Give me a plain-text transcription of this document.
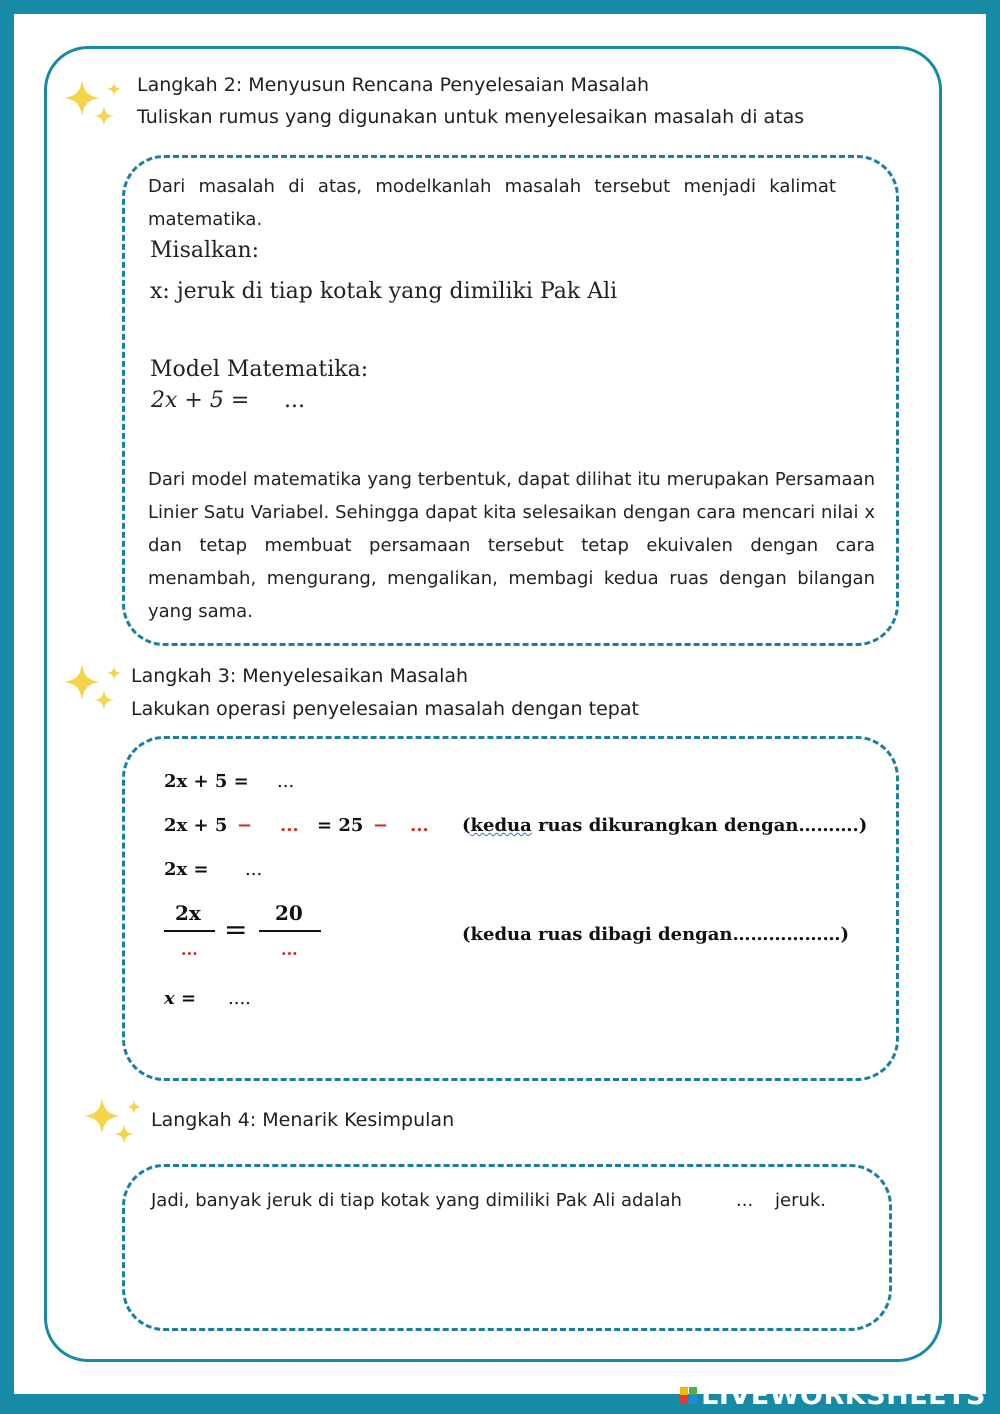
Langkah 2: Menyusun Rencana Penyelesaian Masalah
Tuliskan rumus yang digunakan untuk menyelesaikan masalah di atas
Dari masalah di atas, modelkanlah masalah tersebut menjadi kalimat matematika.
Misalkan:
x: jeruk di tiap kotak yang dimiliki Pak Ali
Model Matematika:
2x + 5 = ...
Dari model matematika yang terbentuk, dapat dilihat itu merupakan Persamaan Linier Satu Variabel. Sehingga dapat kita selesaikan dengan cara mencari nilai x dan tetap membuat persamaan tersebut tetap ekuivalen dengan cara menambah, mengurang, mengalikan, membagi kedua ruas dengan bilangan yang sama.
Langkah 3: Menyelesaikan Masalah
Lakukan operasi penyelesaian masalah dengan tepat
2x + 5 = ...
2x + 5 − ... = 25 − ... (kedua ruas dikurangkan dengan……….)
2x = ...
2x
...
= 20
...
(kedua ruas dibagi dengan………………)
x = ....
Langkah 4: Menarik Kesimpulan
Jadi, banyak jeruk di tiap kotak yang dimiliki Pak Ali adalah	... jeruk.
LIVEWORKSHEETS
